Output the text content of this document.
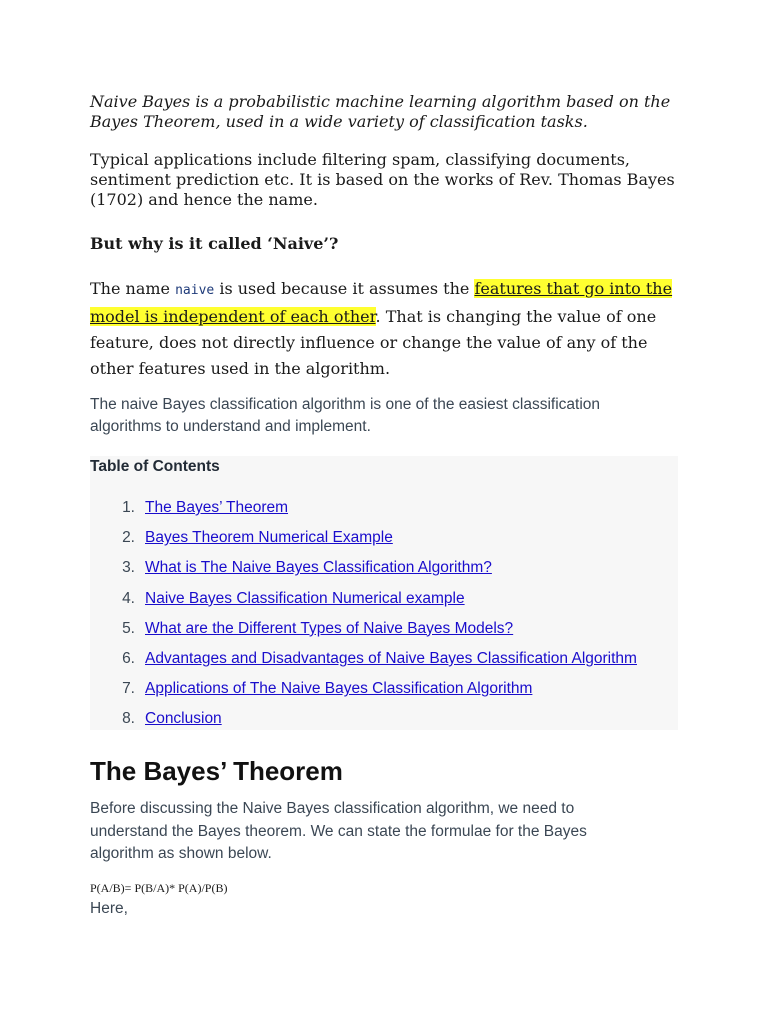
Naive Bayes is a probabilistic machine learning algorithm based on the Bayes Theorem, used in a wide variety of classification tasks.

Typical applications include filtering spam, classifying documents, sentiment prediction etc. It is based on the works of Rev. Thomas Bayes (1702) and hence the name.

But why is it called ‘Naive’?

The name naive is used because it assumes the features that go into the model is independent of each other. That is changing the value of one feature, does not directly influence or change the value of any of the other features used in the algorithm.

The naive Bayes classification algorithm is one of the easiest classification algorithms to understand and implement.

Table of Contents

1. The Bayes’ Theorem
2. Bayes Theorem Numerical Example
3. What is The Naive Bayes Classification Algorithm?
4. Naive Bayes Classification Numerical example
5. What are the Different Types of Naive Bayes Models?
6. Advantages and Disadvantages of Naive Bayes Classification Algorithm
7. Applications of The Naive Bayes Classification Algorithm
8. Conclusion
The Bayes’ Theorem

Before discussing the Naive Bayes classification algorithm, we need to understand the Bayes theorem. We can state the formulae for the Bayes algorithm as shown below.

P(A/B)= P(B/A)* P(A)/P(B)

Here,
